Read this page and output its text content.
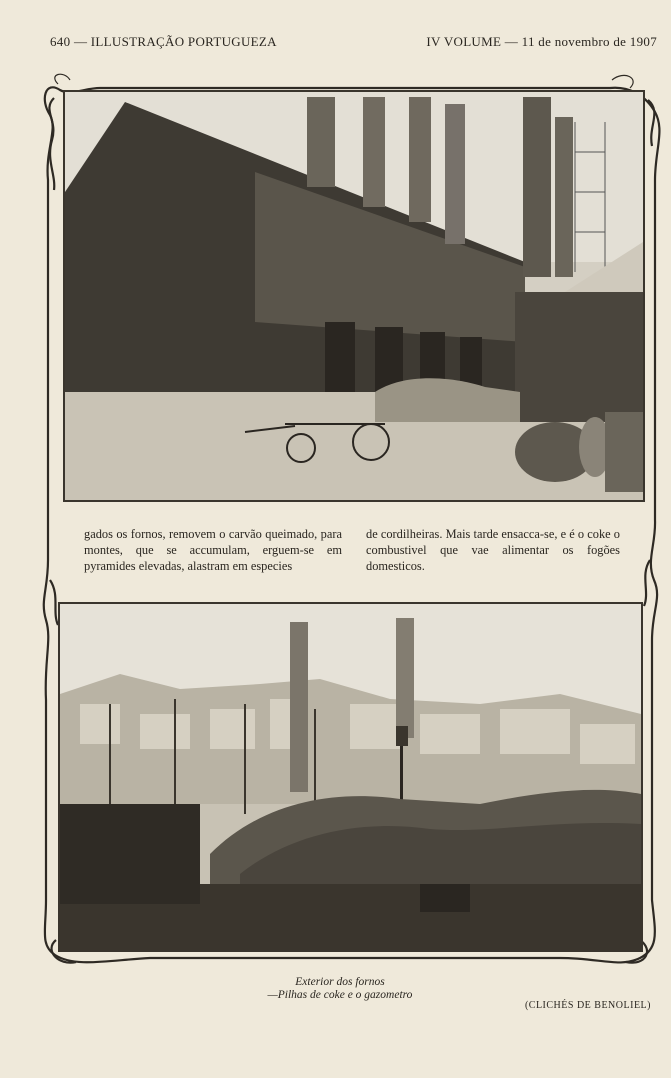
640 — ILLUSTRAÇÃO PORTUGUEZA	IV VOLUME — 11 de novembro de 1907
gados os fornos, removem o carvão queimado, para montes, que se accumulam, erguem-se em pyramides elevadas, alastram em especies
de cordilheiras. Mais tarde ensacca-se, e é o coke o combustivel que vae alimentar os fogões domesticos.
Exterior dos fornos
—Pilhas de coke e o gazometro
(CLICHÉS DE BENOLIEL)
